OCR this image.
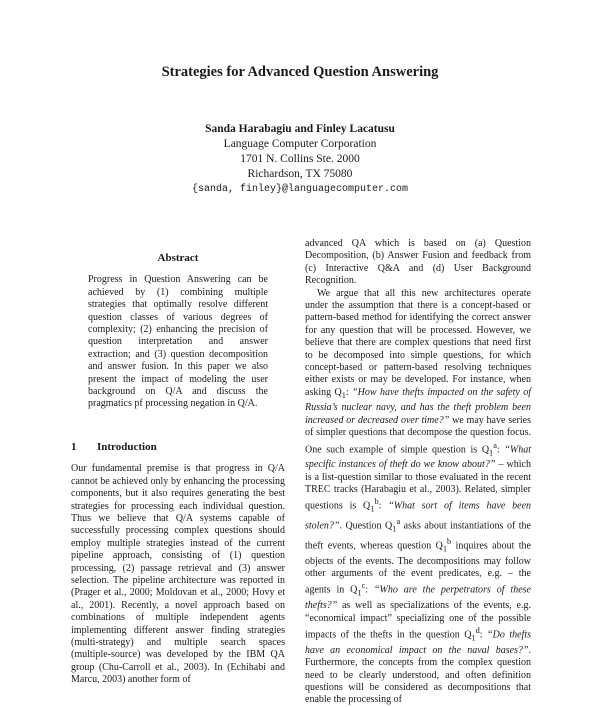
Strategies for Advanced Question Answering
Sanda Harabagiu and Finley Lacatusu
Language Computer Corporation
1701 N. Collins Ste. 2000
Richardson, TX 75080
{sanda, finley}@languagecomputer.com
Abstract

Progress in Question Answering can be achieved by (1) combining multiple strategies that optimally resolve different question classes of various degrees of complexity; (2) enhancing the precision of question interpretation and answer extraction; and (3) question decomposition and answer fusion. In this paper we also present the impact of modeling the user background on Q/A and discuss the pragmatics pf processing negation in Q/A.

1 Introduction

Our fundamental premise is that progress in Q/A cannot be achieved only by enhancing the processing components, but it also requires generating the best strategies for processing each individual question. Thus we believe that Q/A systems capable of successfully processing complex questions should employ multiple strategies instead of the current pipeline approach, consisting of (1) question processing, (2) passage retrieval and (3) answer selection. The pipeline architecture was reported in (Prager et al., 2000; Moldovan et al., 2000; Hovy et al., 2001). Recently, a novel approach based on combinations of multiple independent agents implementing different answer finding strategies (multi-strategy) and multiple search spaces (multiple-source) was developed by the IBM QA group (Chu-Carroll et al., 2003). In (Echihabi and Marcu, 2003) another form of

advanced QA which is based on (a) Question Decomposition, (b) Answer Fusion and feedback from (c) Interactive Q&A and (d) User Background Recognition.

We argue that all this new architectures operate under the assumption that there is a concept-based or pattern-based method for identifying the correct answer for any question that will be processed. However, we believe that there are complex questions that need first to be decomposed into simple questions, for which concept-based or pattern-based resolving techniques either exists or may be developed. For instance, when asking $Q_1$: “How have thefts impacted on the safety of Russia’s nuclear navy, and has the theft problem been increased or decreased over time?” we may have series of simpler questions that decompose the question focus. One such example of simple question is $Q_1^a$: “What specific instances of theft do we know about?” – which is a list-question similar to those evaluated in the recent TREC tracks (Harabagiu et al., 2003). Related, simpler questions is $Q_1^b$: “What sort of items have been stolen?”. Question $Q_1^a$ asks about instantiations of the theft events, whereas question $Q_1^b$ inquires about the objects of the events. The decompositions may follow other arguments of the event predicates, e.g. – the agents in $Q_1^c$: “Who are the perpetrators of these thefts?” as well as specializations of the events, e.g. “economical impact” specializing one of the possible impacts of the thefts in the question $Q_1^d$: “Do thefts have an economical impact on the naval bases?”. Furthermore, the concepts from the complex question need to be clearly understood, and often definition questions will be considered as decompositions that enable the processing of
